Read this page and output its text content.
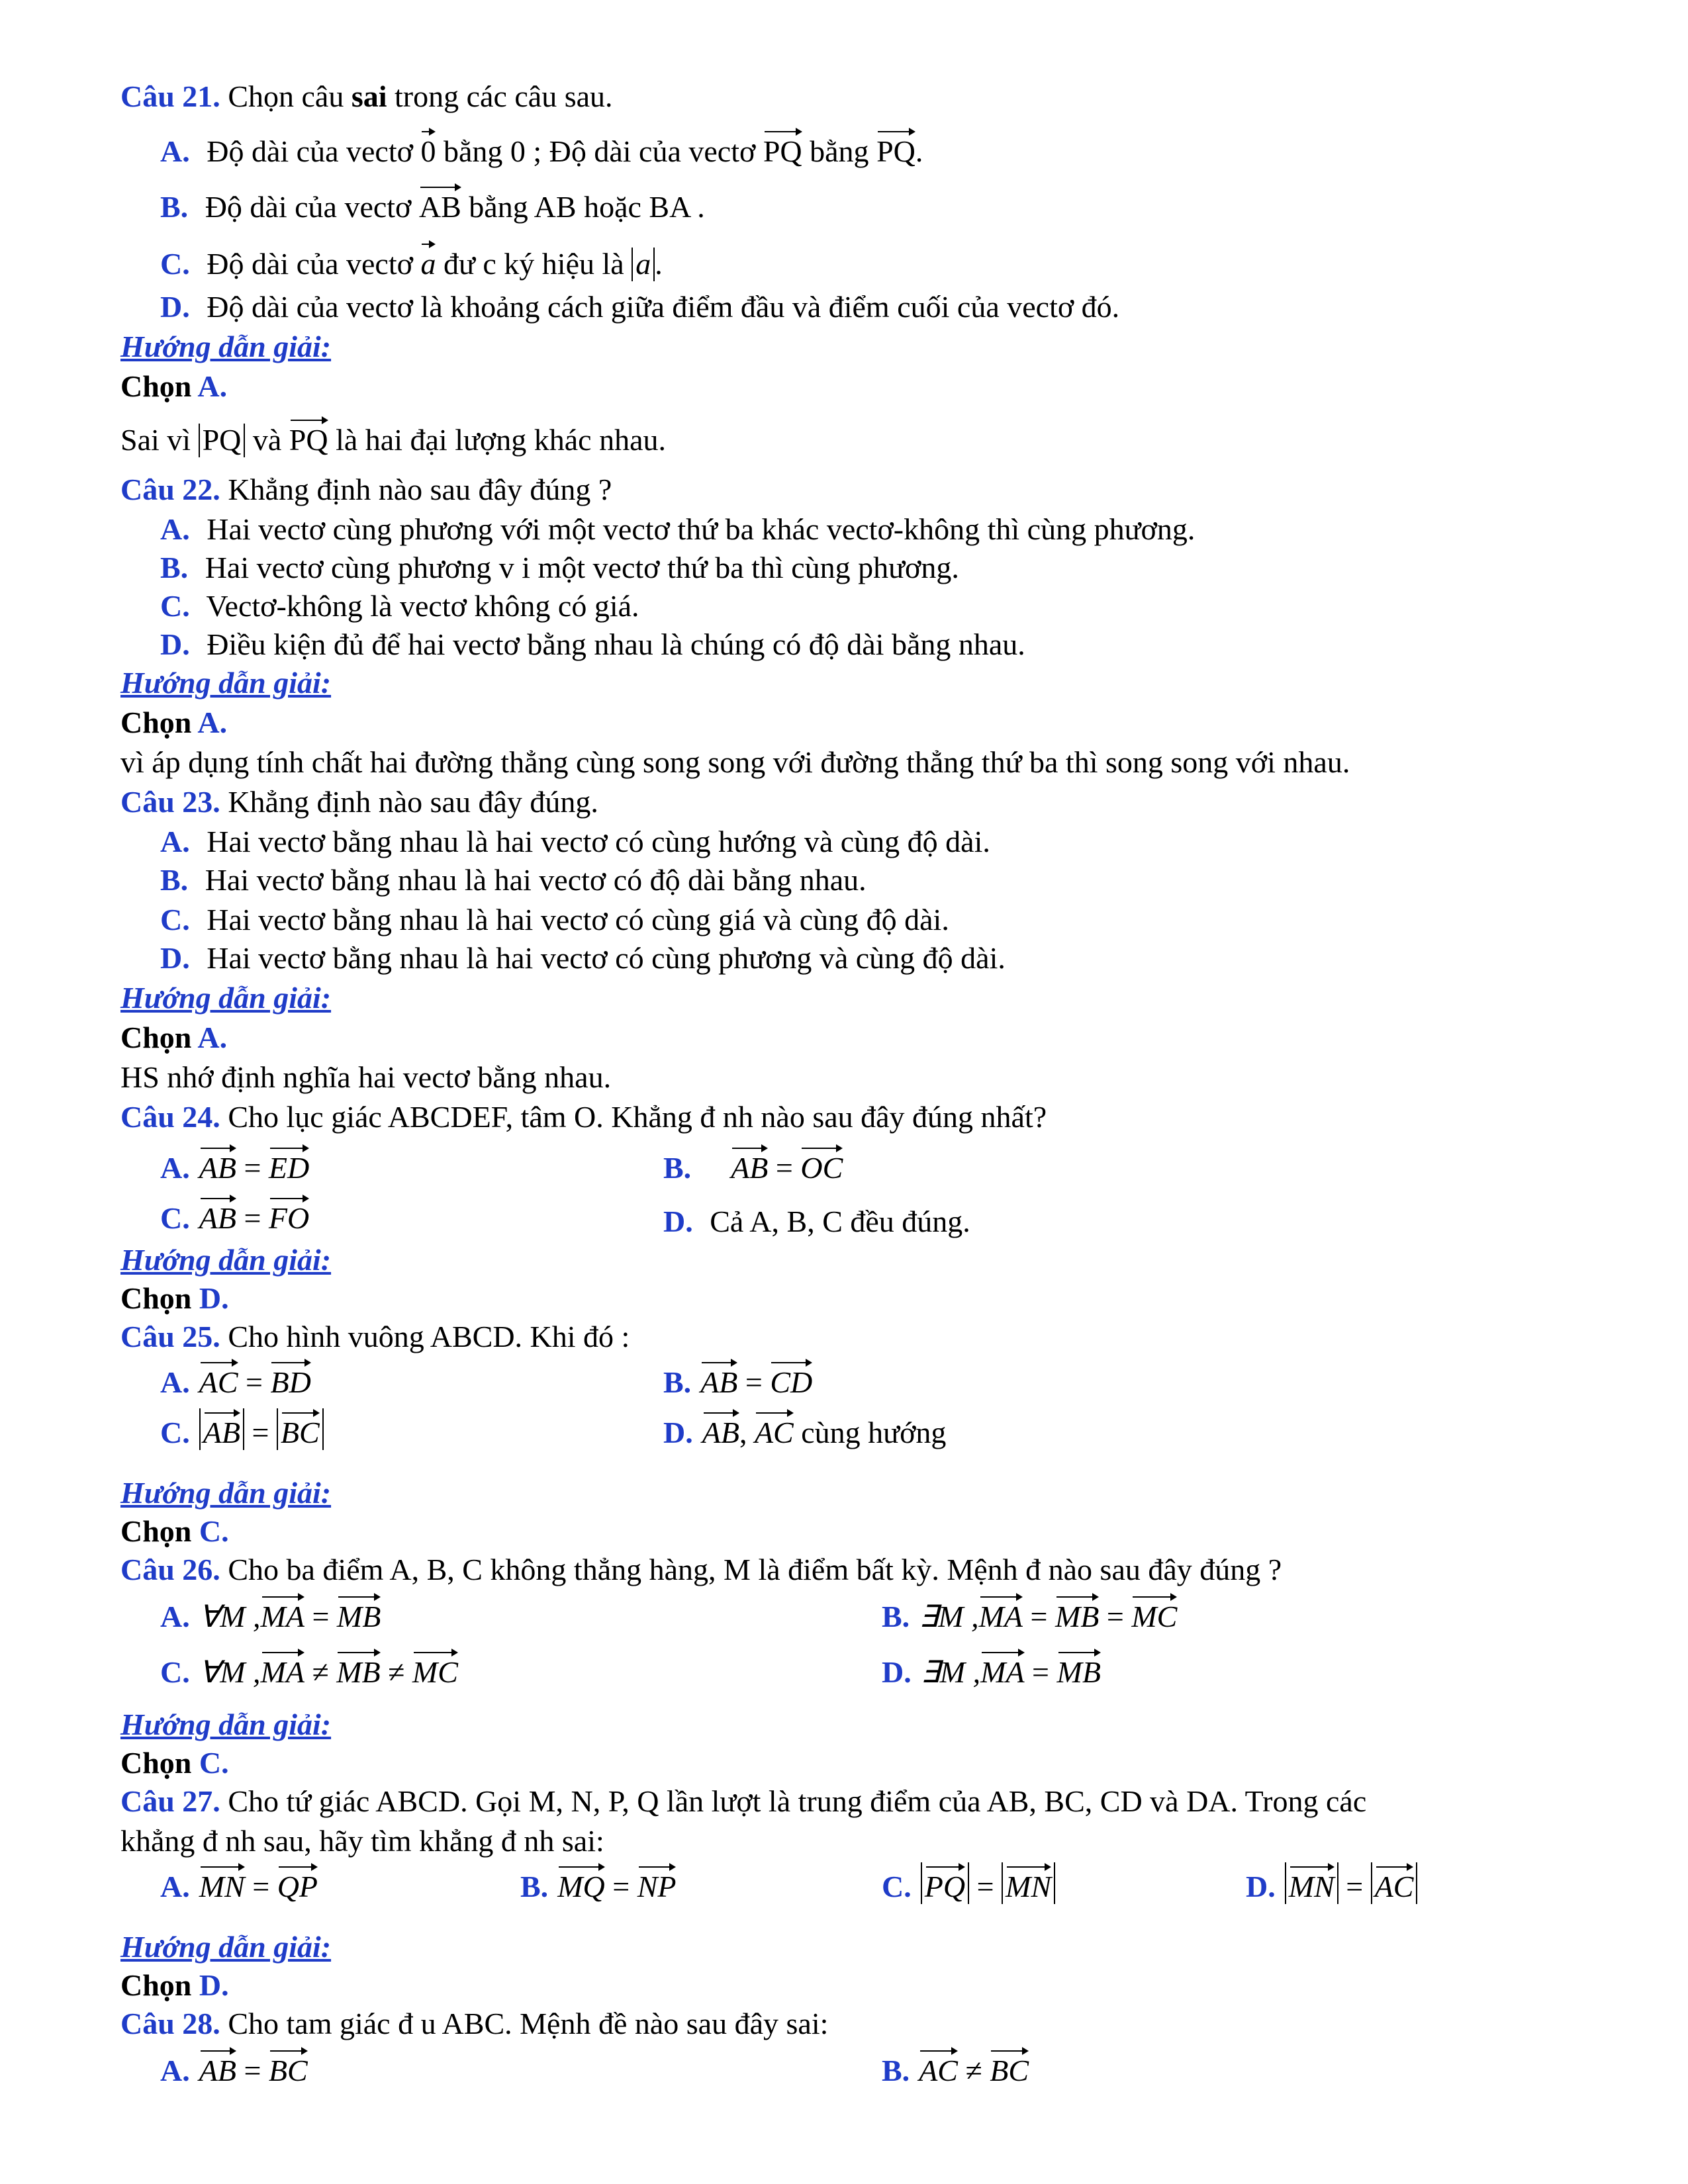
Câu 21. Chọn câu sai trong các câu sau.
A. Độ dài của vectơ 0 bằng 0 ; Độ dài của vectơ PQ bằng PQ.
B. Độ dài của vectơ AB bằng AB hoặc BA .
C. Độ dài của vectơ a đư c ký hiệu là a .
D. Độ dài của vectơ là khoảng cách giữa điểm đầu và điểm cuối của vectơ đó.
Hướng dẫn giải:
Chọn A.
Sai vì PQ và PQ là hai đại lượng khác nhau.
Câu 22. Khẳng định nào sau đây đúng ?
A. Hai vectơ cùng phương với một vectơ thứ ba khác vectơ-không thì cùng phương.
B. Hai vectơ cùng phương v i một vectơ thứ ba thì cùng phương.
C. Vectơ-không là vectơ không có giá.
D. Điều kiện đủ để hai vectơ bằng nhau là chúng có độ dài bằng nhau.
Hướng dẫn giải:
Chọn A.
vì áp dụng tính chất hai đường thẳng cùng song song với đường thẳng thứ ba thì song song với nhau.
Câu 23. Khẳng định nào sau đây đúng.
A. Hai vectơ bằng nhau là hai vectơ có cùng hướng và cùng độ dài.
B. Hai vectơ bằng nhau là hai vectơ có độ dài bằng nhau.
C. Hai vectơ bằng nhau là hai vectơ có cùng giá và cùng độ dài.
D. Hai vectơ bằng nhau là hai vectơ có cùng phương và cùng độ dài.
Hướng dẫn giải:
Chọn A.
HS nhớ định nghĩa hai vectơ bằng nhau.
Câu 24. Cho lục giác ABCDEF, tâm O. Khẳng đ nh nào sau đây đúng nhất?
A. AB = ED	B. AB = OC
C. AB = FO	D. Cả A, B, C đều đúng.
Hướng dẫn giải:
Chọn D.
Câu 25. Cho hình vuông ABCD. Khi đó :
A. AC = BD	B. AB = CD
C. AB = BC	D. AB, AC cùng hướng
Hướng dẫn giải:
Chọn C.
Câu 26. Cho ba điểm A, B, C không thẳng hàng, M là điểm bất kỳ. Mệnh đ nào sau đây đúng ?
A. ∀M ,MA = MB	B. ∃M ,MA = MB = MC
C. ∀M ,MA ≠ MB ≠ MC	D. ∃M ,MA = MB
Hướng dẫn giải:
Chọn C.
Câu 27. Cho tứ giác ABCD. Gọi M, N, P, Q lần lượt là trung điểm của AB, BC, CD và DA. Trong các
khẳng đ nh sau, hãy tìm khẳng đ nh sai:
A. MN = QP	B. MQ = NP	C. PQ = MN	D. MN = AC
Hướng dẫn giải:
Chọn D.
Câu 28. Cho tam giác đ u ABC. Mệnh đề nào sau đây sai:
A. AB = BC	B. AC ≠ BC
